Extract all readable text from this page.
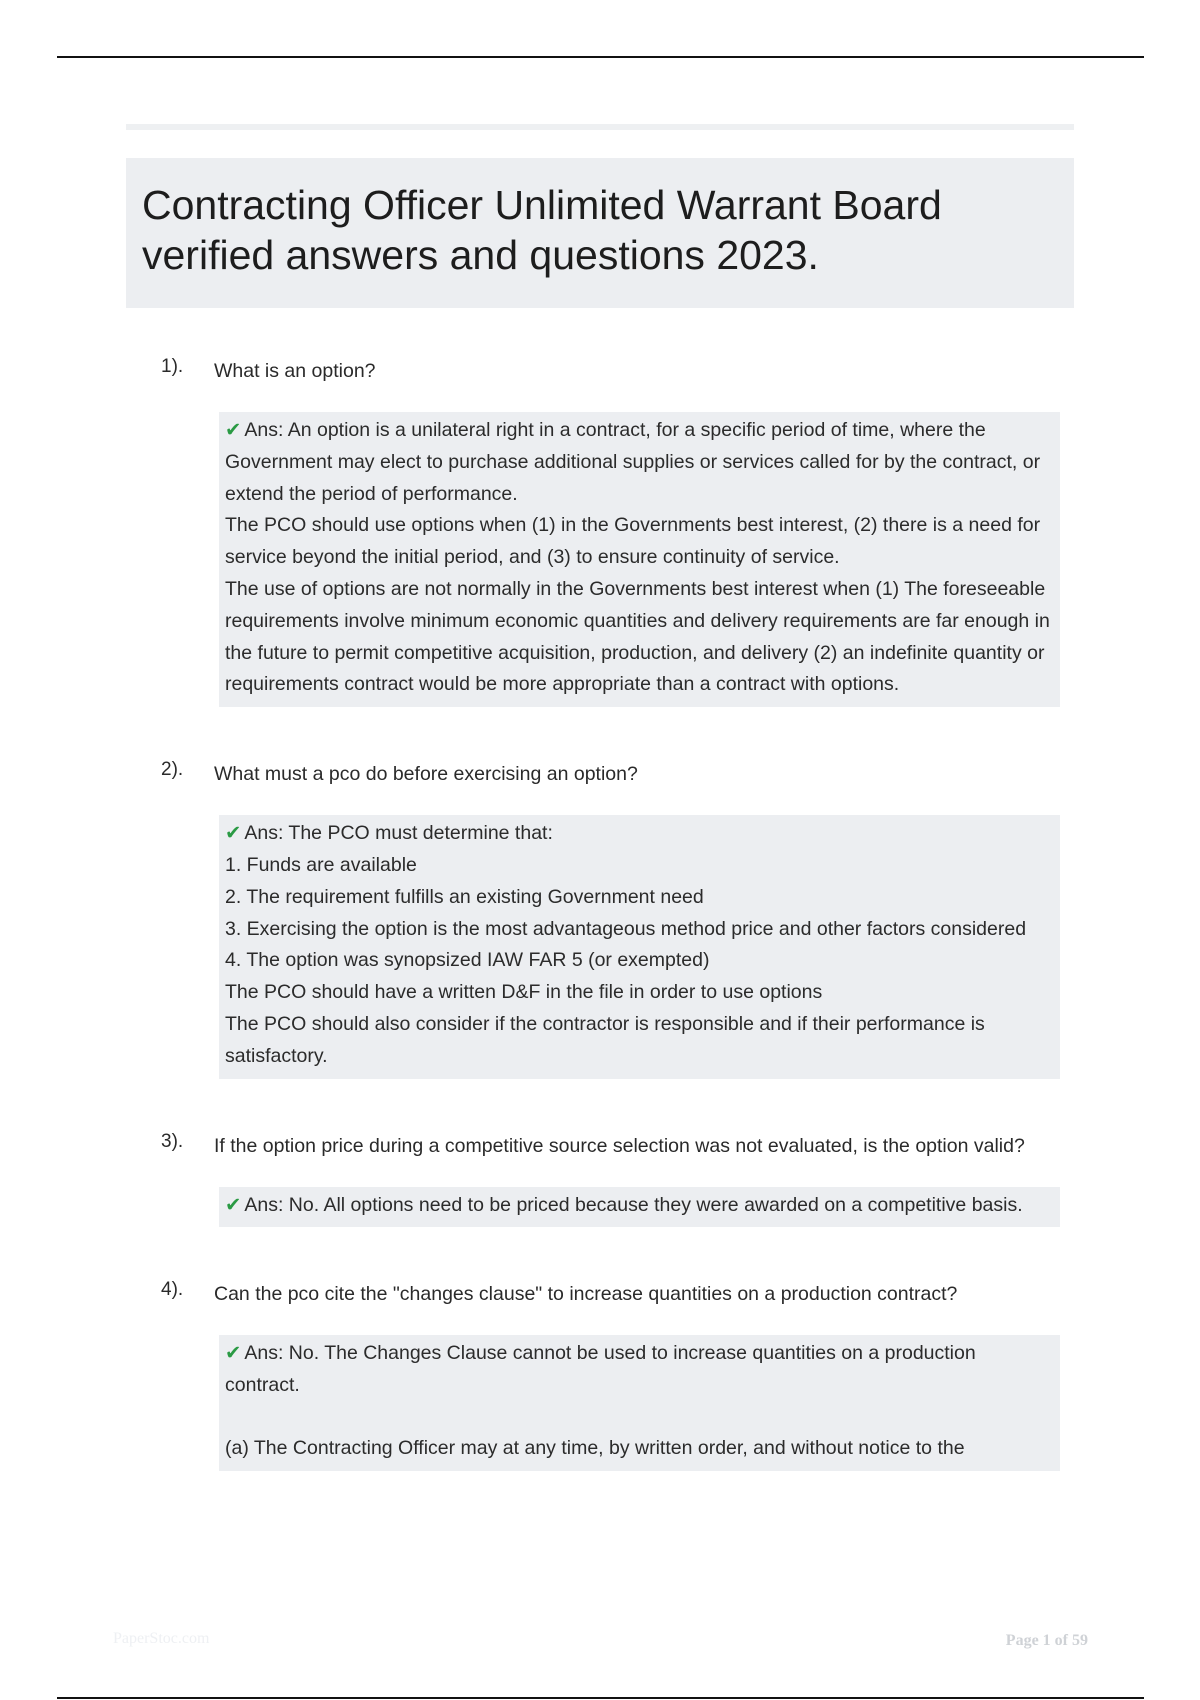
Contracting Officer Unlimited Warrant Board verified answers and questions 2023.
1).	What is an option?

✔ Ans: An option is a unilateral right in a contract, for a specific period of time, where the Government may elect to purchase additional supplies or services called for by the contract, or extend the period of performance.

The PCO should use options when (1) in the Governments best interest, (2) there is a need for service beyond the initial period, and (3) to ensure continuity of service.

The use of options are not normally in the Governments best interest when (1) The foreseeable requirements involve minimum economic quantities and delivery requirements are far enough in the future to permit competitive acquisition, production, and delivery (2) an indefinite quantity or requirements contract would be more appropriate than a contract with options.

2).	What must a pco do before exercising an option?

✔ Ans: The PCO must determine that:

1. Funds are available

2. The requirement fulfills an existing Government need

3. Exercising the option is the most advantageous method price and other factors considered

4. The option was synopsized IAW FAR 5 (or exempted)

The PCO should have a written D&F in the file in order to use options

The PCO should also consider if the contractor is responsible and if their performance is satisfactory.

3).	If the option price during a competitive source selection was not evaluated, is the option valid?

✔ Ans: No. All options need to be priced because they were awarded on a competitive basis.

4).	Can the pco cite the "changes clause" to increase quantities on a production contract?

✔ Ans: No. The Changes Clause cannot be used to increase quantities on a production contract.

(a) The Contracting Officer may at any time, by written order, and without notice to the

PaperStoc.com	Page 1 of 59
